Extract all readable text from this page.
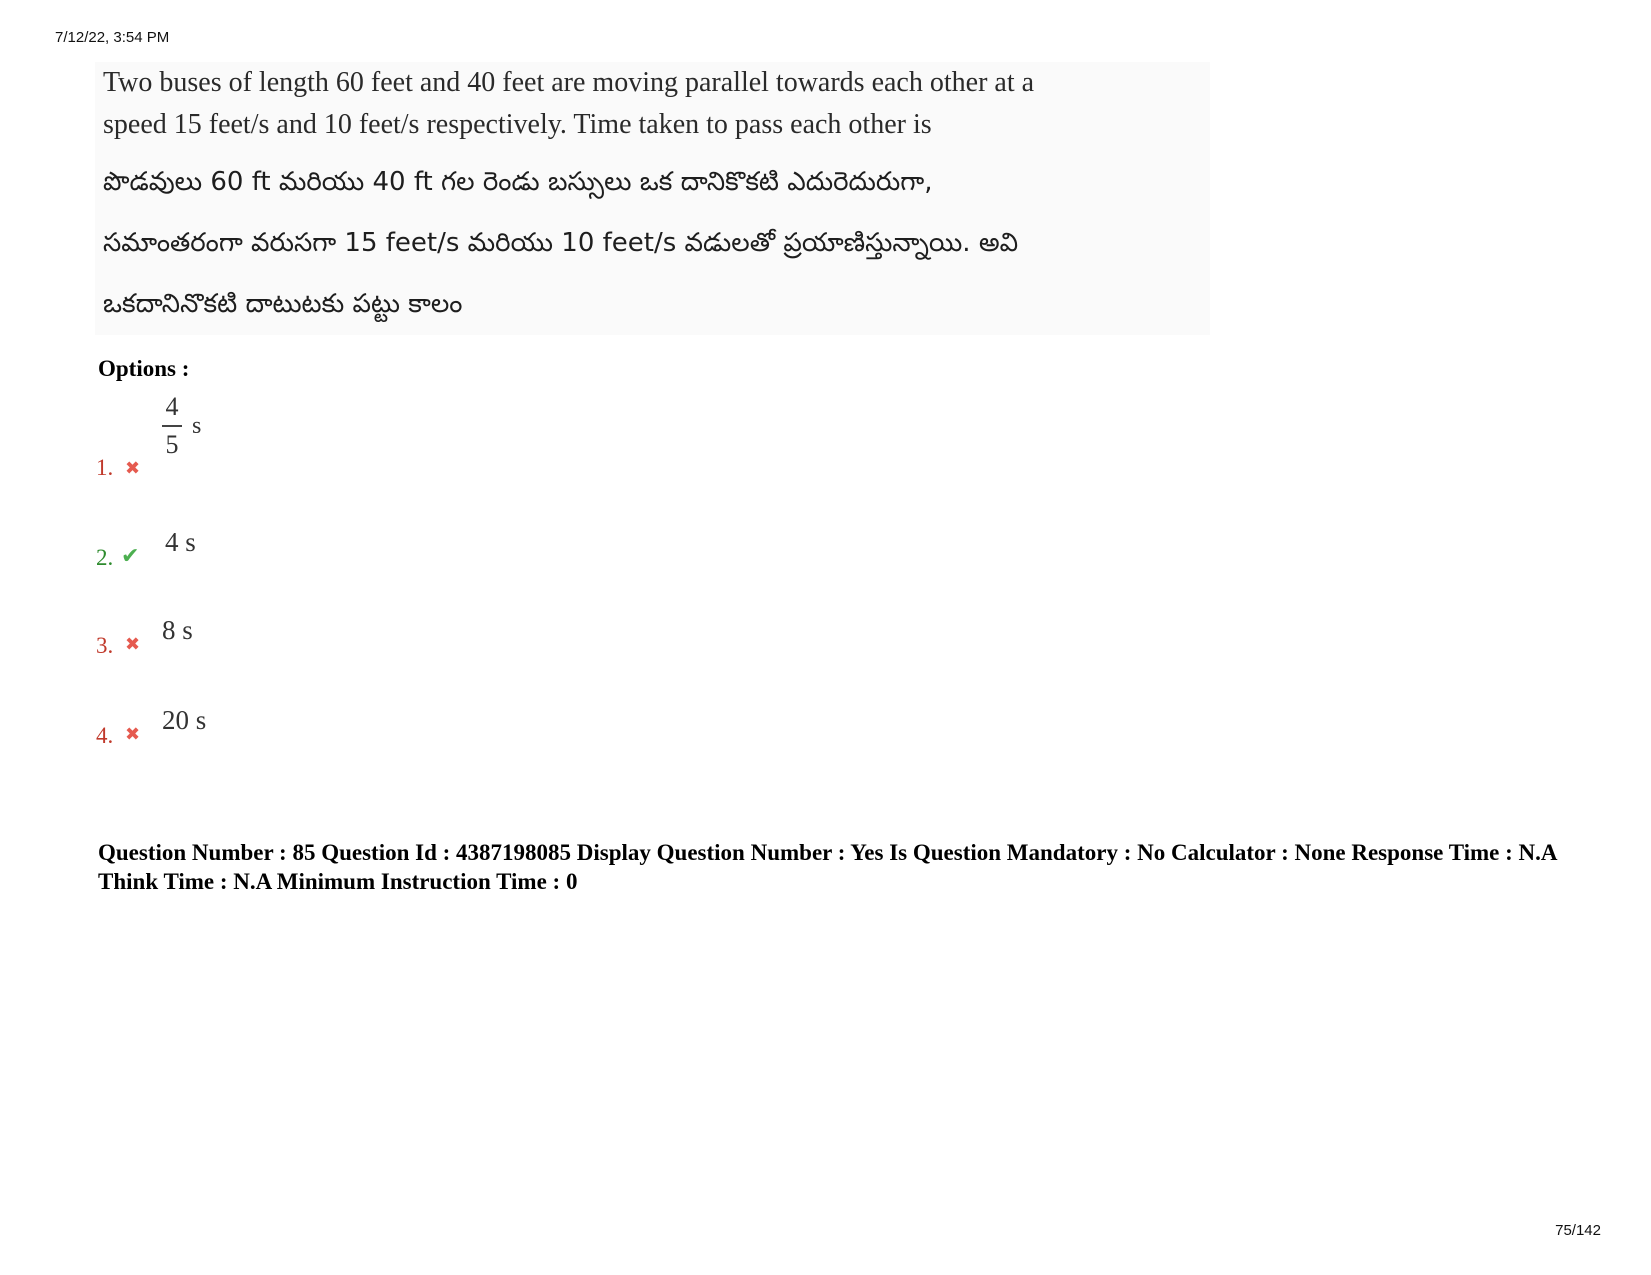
7/12/22, 3:54 PM
Two buses of length 60 feet and 40 feet are moving parallel towards each other at a
speed 15 feet/s and 10 feet/s respectively. Time taken to pass each other is
పొడవులు 60 ft మరియు 40 ft గల రెండు బస్సులు ఒక దానికొకటి ఎదురెదురుగా,
సమాంతరంగా వరుసగా 15 feet/s మరియు 10 feet/s వడులతో ప్రయాణిస్తున్నాయి. అవి
ఒకదానినొకటి దాటుటకు పట్టు కాలం
Options :
1. ✖
$\frac{4}{5}$ s
2. ✔ 4 s
3. ✖ 8 s
4. ✖ 20 s
Question Number : 85 Question Id : 4387198085 Display Question Number : Yes Is Question Mandatory : No Calculator : None Response Time : N.A Think Time : N.A Minimum Instruction Time : 0
75/142
